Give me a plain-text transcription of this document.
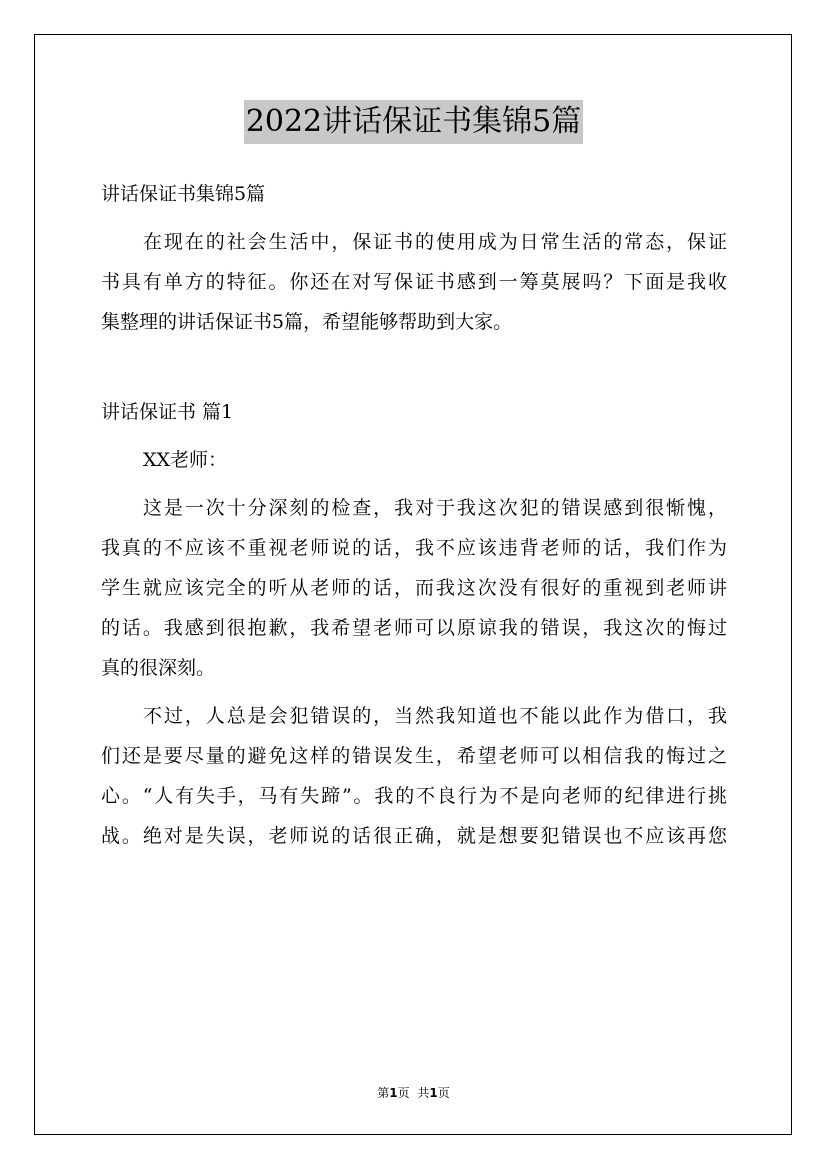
2022讲话保证书集锦5篇
讲话保证书集锦5篇
在现在的社会生活中，保证书的使用成为日常生活的常态，保证
书具有单方的特征。你还在对写保证书感到一筹莫展吗？下面是我收
集整理的讲话保证书5篇，希望能够帮助到大家。
讲话保证书 篇1
XX老师：
这是一次十分深刻的检查，我对于我这次犯的错误感到很惭愧，
我真的不应该不重视老师说的话，我不应该违背老师的话，我们作为
学生就应该完全的听从老师的话，而我这次没有很好的重视到老师讲
的话。我感到很抱歉，我希望老师可以原谅我的错误，我这次的悔过
真的很深刻。
不过，人总是会犯错误的，当然我知道也不能以此作为借口，我
们还是要尽量的避免这样的错误发生，希望老师可以相信我的悔过之
心。“人有失手，马有失蹄”。我的不良行为不是向老师的纪律进行挑
战。绝对是失误，老师说的话很正确，就是想要犯错误也不应该再您
第1页 共1页
